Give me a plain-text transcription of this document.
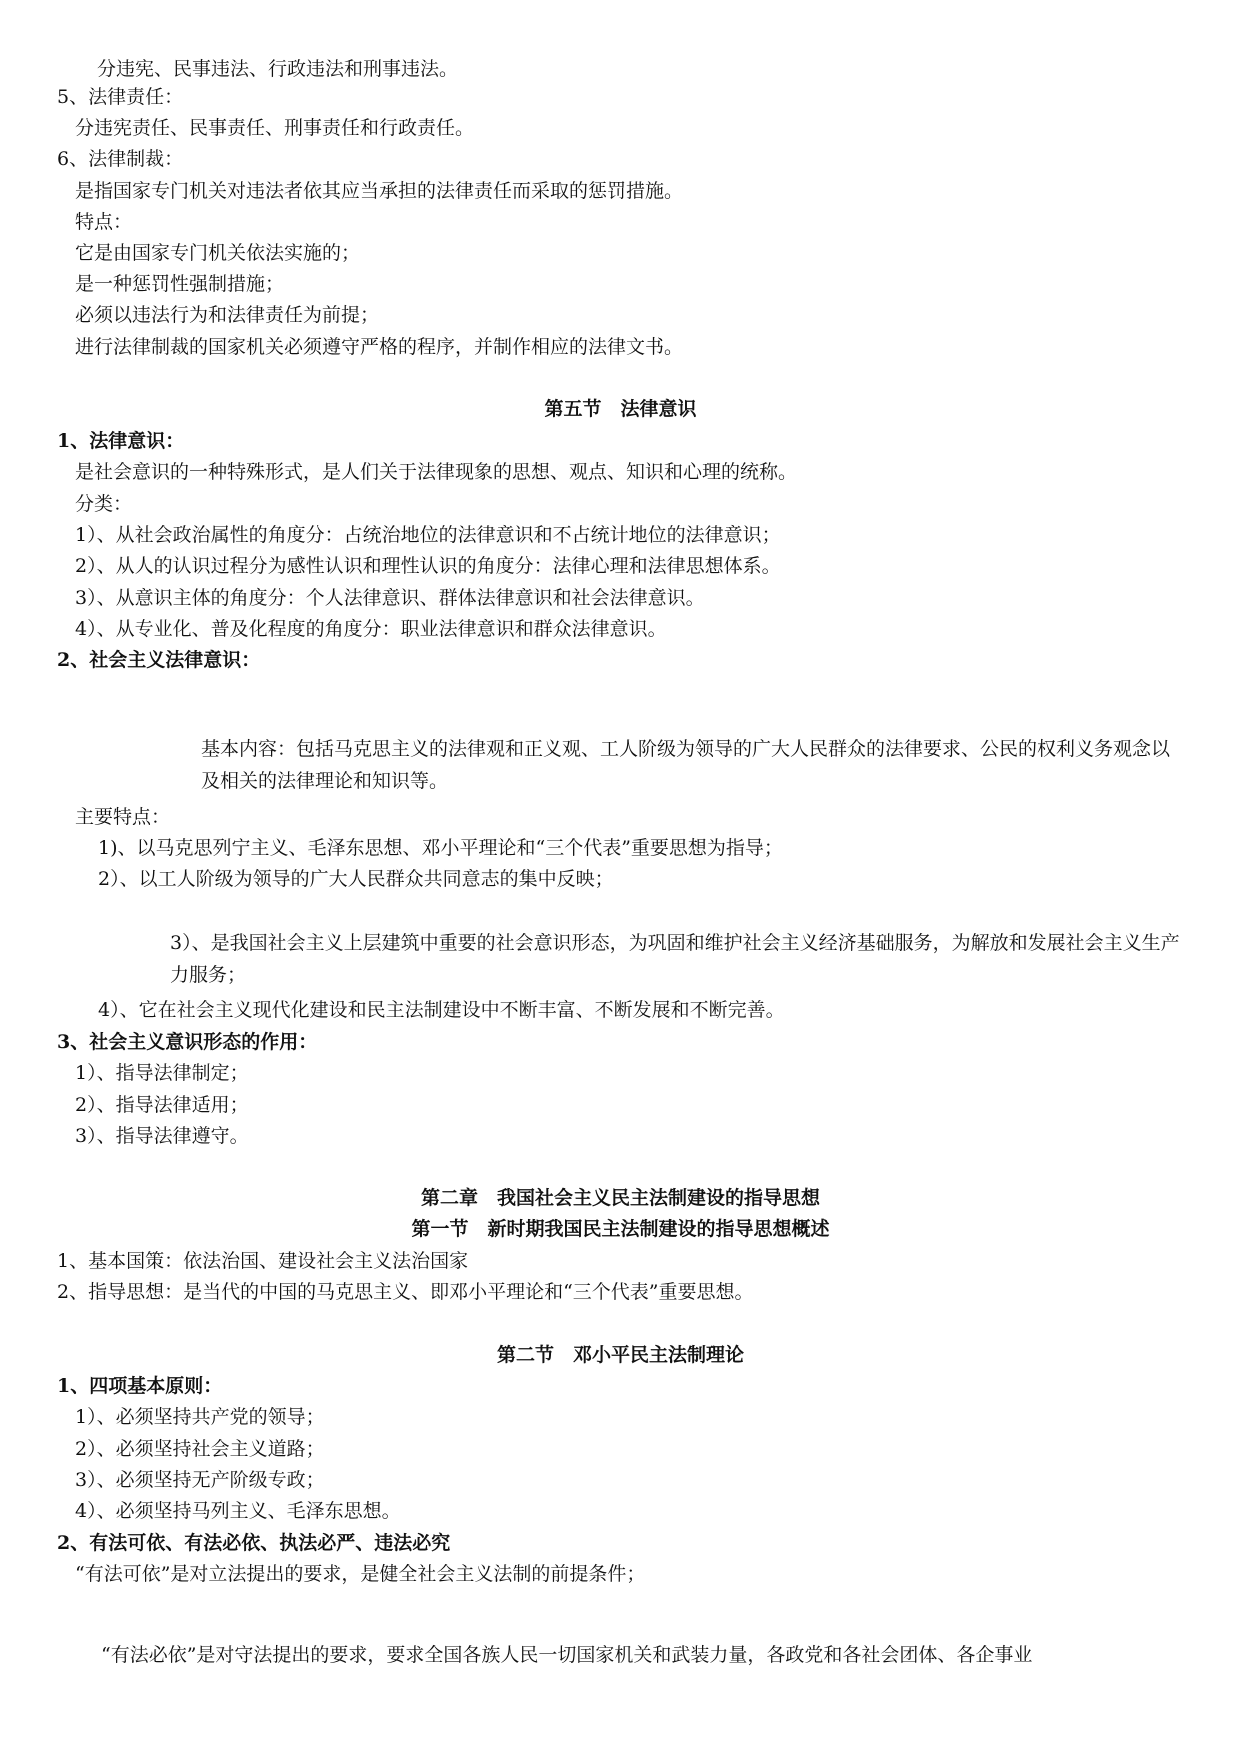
分违宪、民事违法、行政违法和刑事违法。
5、法律责任：
分违宪责任、民事责任、刑事责任和行政责任。
6、法律制裁：
是指国家专门机关对违法者依其应当承担的法律责任而采取的惩罚措施。
特点：
它是由国家专门机关依法实施的；
是一种惩罚性强制措施；
必须以违法行为和法律责任为前提；
进行法律制裁的国家机关必须遵守严格的程序，并制作相应的法律文书。
第五节　法律意识
1、法律意识：
是社会意识的一种特殊形式，是人们关于法律现象的思想、观点、知识和心理的统称。
分类：
1）、从社会政治属性的角度分：占统治地位的法律意识和不占统计地位的法律意识；
2）、从人的认识过程分为感性认识和理性认识的角度分：法律心理和法律思想体系。
3）、从意识主体的角度分：个人法律意识、群体法律意识和社会法律意识。
4）、从专业化、普及化程度的角度分：职业法律意识和群众法律意识。
2、社会主义法律意识：
基本内容：包括马克思主义的法律观和正义观、工人阶级为领导的广大人民群众的法律要求、公民的权利义务观念以及相关的法律理论和知识等。
主要特点：
1)、以马克思列宁主义、毛泽东思想、邓小平理论和“三个代表”重要思想为指导；
2）、以工人阶级为领导的广大人民群众共同意志的集中反映；
3）、是我国社会主义上层建筑中重要的社会意识形态，为巩固和维护社会主义经济基础服务，为解放和发展社会主义生产力服务；
4）、它在社会主义现代化建设和民主法制建设中不断丰富、不断发展和不断完善。
3、社会主义意识形态的作用：
1）、指导法律制定；
2）、指导法律适用；
3）、指导法律遵守。
第二章　我国社会主义民主法制建设的指导思想
第一节　新时期我国民主法制建设的指导思想概述
1、基本国策：依法治国、建设社会主义法治国家
2、指导思想：是当代的中国的马克思主义、即邓小平理论和“三个代表”重要思想。
第二节　邓小平民主法制理论
1、四项基本原则：
1）、必须坚持共产党的领导；
2）、必须坚持社会主义道路；
3）、必须坚持无产阶级专政；
4）、必须坚持马列主义、毛泽东思想。
2、有法可依、有法必依、执法必严、违法必究
“有法可依”是对立法提出的要求，是健全社会主义法制的前提条件；
“有法必依”是对守法提出的要求，要求全国各族人民一切国家机关和武装力量，各政党和各社会团体、各企事业
